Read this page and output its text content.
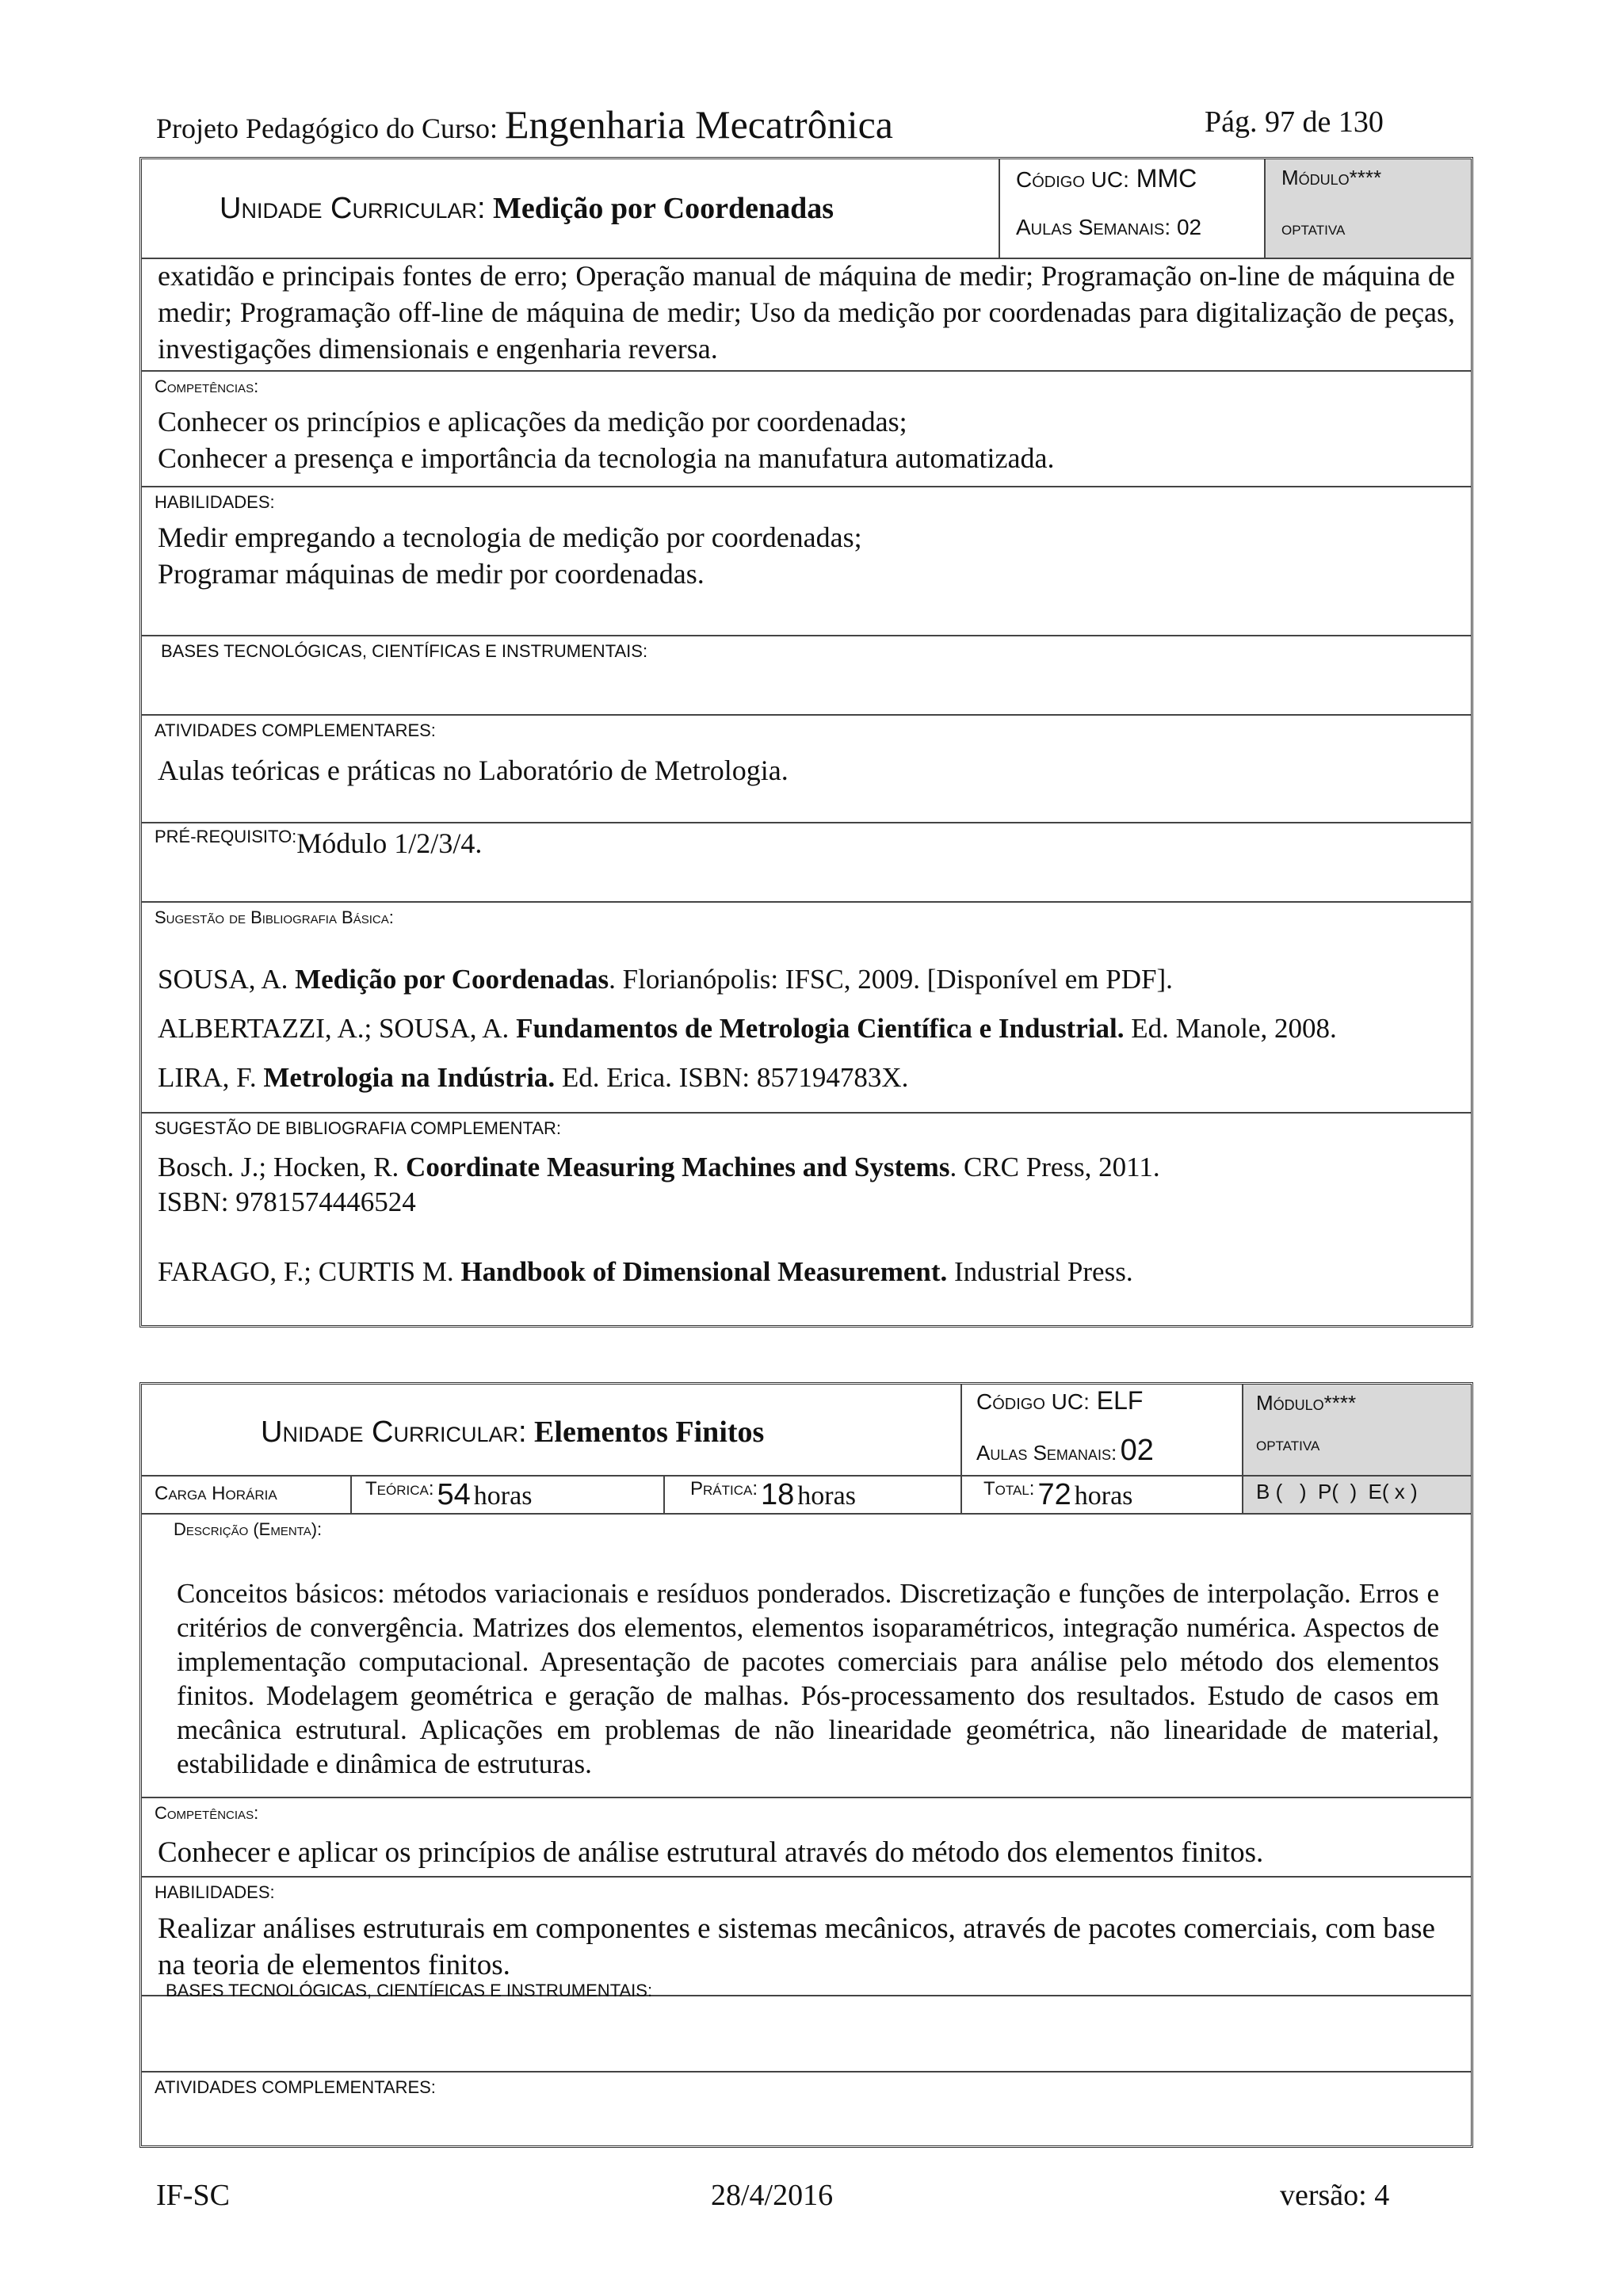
Projeto Pedagógico do Curso: Engenharia Mecatrônica	Pág. 97 de 130
Unidade Curricular: Medição por Coordenadas
Código UC: MMC
Aulas Semanais: 02
Módulo****
optativa
exatidão e principais fontes de erro; Operação manual de máquina de medir; Programação on-line de máquina de medir; Programação off-line de máquina de medir; Uso da medição por coordenadas para digitalização de peças, investigações dimensionais e engenharia reversa.
Competências:
Conhecer os princípios e aplicações da medição por coordenadas;
Conhecer a presença e importância da tecnologia na manufatura automatizada.
HABILIDADES:
Medir empregando a tecnologia de medição por coordenadas;
Programar máquinas de medir por coordenadas.
BASES TECNOLÓGICAS, CIENTÍFICAS E INSTRUMENTAIS:
ATIVIDADES COMPLEMENTARES:
Aulas teóricas e práticas no Laboratório de Metrologia.
PRÉ-REQUISITO:Módulo 1/2/3/4.
Sugestão de Bibliografia Básica:
SOUSA, A. Medição por Coordenadas. Florianópolis: IFSC, 2009. [Disponível em PDF].
ALBERTAZZI, A.; SOUSA, A. Fundamentos de Metrologia Científica e Industrial. Ed. Manole, 2008.
LIRA, F. Metrologia na Indústria. Ed. Erica. ISBN: 857194783X.
SUGESTÃO DE BIBLIOGRAFIA COMPLEMENTAR:
Bosch. J.; Hocken, R. Coordinate Measuring Machines and Systems. CRC Press, 2011.
ISBN: 9781574446524
FARAGO, F.; CURTIS M. Handbook of Dimensional Measurement. Industrial Press.
Unidade Curricular: Elementos Finitos
Código UC: ELF
Aulas Semanais: 02
Módulo****
optativa
Carga Horária	Teórica: 54 horas	Prática: 18 horas	Total: 72 horas	B (   )  P(  )  E( x )
Descrição (Ementa):
Conceitos básicos: métodos variacionais e resíduos ponderados. Discretização e funções de interpolação. Erros e critérios de convergência. Matrizes dos elementos, elementos isoparamétricos, integração numérica. Aspectos de implementação computacional. Apresentação de pacotes comerciais para análise pelo método dos elementos finitos. Modelagem geométrica e geração de malhas. Pós-processamento dos resultados. Estudo de casos em mecânica estrutural. Aplicações em problemas de não linearidade geométrica, não linearidade de material, estabilidade e dinâmica de estruturas.
Competências:
Conhecer e aplicar os princípios de análise estrutural através do método dos elementos finitos.
HABILIDADES:
Realizar análises estruturais em componentes e sistemas mecânicos, através de pacotes comerciais, com base na teoria de elementos finitos.
BASES TECNOLÓGICAS, CIENTÍFICAS E INSTRUMENTAIS:
ATIVIDADES COMPLEMENTARES:
IF-SC	28/4/2016	versão: 4
